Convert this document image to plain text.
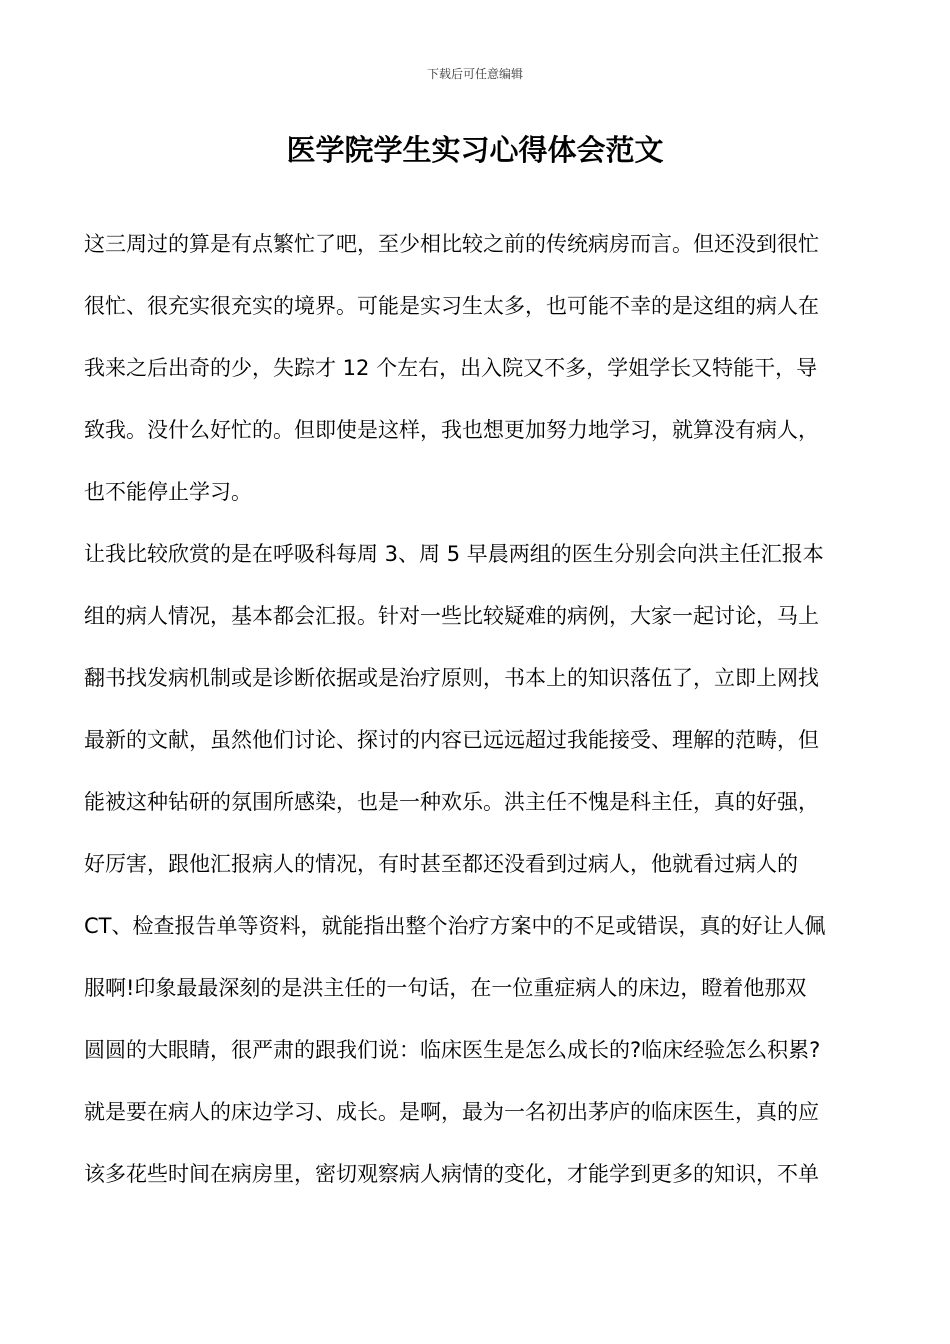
下载后可任意编辑
医学院学生实习心得体会范文

这三周过的算是有点繁忙了吧，至少相比较之前的传统病房而言。但还没到很忙
很忙、很充实很充实的境界。可能是实习生太多，也可能不幸的是这组的病人在
我来之后出奇的少，失踪才 12 个左右，出入院又不多，学姐学长又特能干，导
致我。没什么好忙的。但即使是这样，我也想更加努力地学习，就算没有病人，
也不能停止学习。

让我比较欣赏的是在呼吸科每周 3、周 5 早晨两组的医生分别会向洪主任汇报本
组的病人情况，基本都会汇报。针对一些比较疑难的病例，大家一起讨论，马上
翻书找发病机制或是诊断依据或是治疗原则，书本上的知识落伍了，立即上网找
最新的文献，虽然他们讨论、探讨的内容已远远超过我能接受、理解的范畴，但
能被这种钻研的氛围所感染，也是一种欢乐。洪主任不愧是科主任，真的好强，
好厉害，跟他汇报病人的情况，有时甚至都还没看到过病人，他就看过病人的
CT、检查报告单等资料，就能指出整个治疗方案中的不足或错误，真的好让人佩
服啊!印象最最深刻的是洪主任的一句话，在一位重症病人的床边，瞪着他那双
圆圆的大眼睛，很严肃的跟我们说：临床医生是怎么成长的?临床经验怎么积累?
就是要在病人的床边学习、成长。是啊，最为一名初出茅庐的临床医生，真的应
该多花些时间在病房里，密切观察病人病情的变化，才能学到更多的知识，不单
